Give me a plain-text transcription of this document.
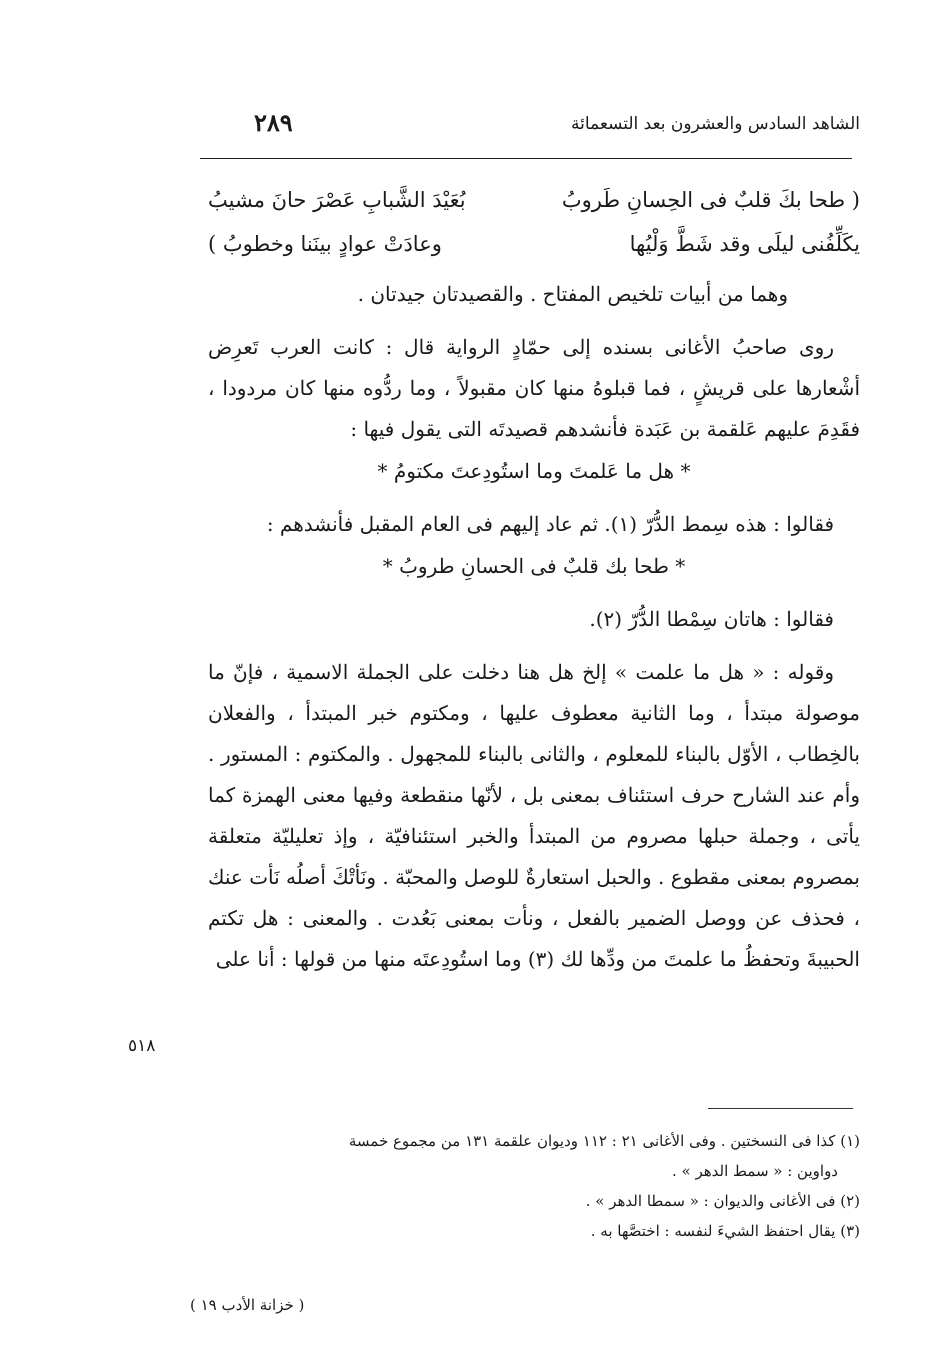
الشاهد السادس والعشرون بعد التسعمائة
٢٨٩
( طحا بكَ قلبٌ فى الحِسانِ طَروبُ
بُعَيْدَ الشَّبابِ عَصْرَ حانَ مشيبُ
يكَلِّفُنى ليلَى وقد شَطَّ وَلْيُها
وعادَتْ عوادٍ بينَنا وخطوبُ )

وهما من أبيات تلخيص المفتاح . والقصيدتان جيدتان .

روى صاحبُ الأغانى بسنده إلى حمّادٍ الرواية قال : كانت العرب تَعرِض أشْعارها على قريشٍ ، فما قبلوهُ منها كان مقبولاً ، وما ردُّوه منها كان مردودا ، فقَدِمَ عليهم عَلقمة بن عَبَدة فأنشدهم قصيدتَه التى يقول فيها :

* هل ما عَلمتَ وما استُودِعتَ مكتومُ *

فقالوا : هذه سِمط الدُّرّ (١). ثم عاد إليهم فى العام المقبل فأنشدهم :

* طحا بك قلبٌ فى الحسانِ طروبُ *

فقالوا : هاتان سِمْطا الدُّرّ (٢).

وقوله : « هل ما علمت » إلخ هل هنا دخلت على الجملة الاسمية ، فإنّ ما موصولة مبتدأ ، وما الثانية معطوف عليها ، ومكتوم خبر المبتدأ ، والفعلان بالخِطاب ، الأوّل بالبناء للمعلوم ، والثانى بالبناء للمجهول . والمكتوم : المستور . وأم عند الشارح حرف استئناف بمعنى بل ، لأنّها منقطعة وفيها معنى الهمزة كما يأتى ، وجملة حبلها مصروم من المبتدأ والخبر استئنافيّة ، وإذ تعليليّة متعلقة بمصروم بمعنى مقطوع . والحبل استعارةٌ للوصل والمحبّة . ونَأتْكَ أصلُه نَأت عنك ، فحذف عن ووصل الضمير بالفعل ، ونأت بمعنى بَعُدت . والمعنى : هل تكتم الحبيبةَ وتحفظُ ما علمتَ من ودِّها لك (٣) وما استُودِعتَه منها من قولها : أنا على

٥١٨

(١) كذا فى النسختين . وفى الأغانى ٢١ : ١١٢ وديوان علقمة ١٣١ من مجموع خمسة

دواوين : « سمط الدهر » .

(٢) فى الأغانى والديوان : « سمطا الدهر » .

(٣) يقال احتفظ الشيءَ لنفسه : اختصَّها به .

( خزانة الأدب ١٩ )
